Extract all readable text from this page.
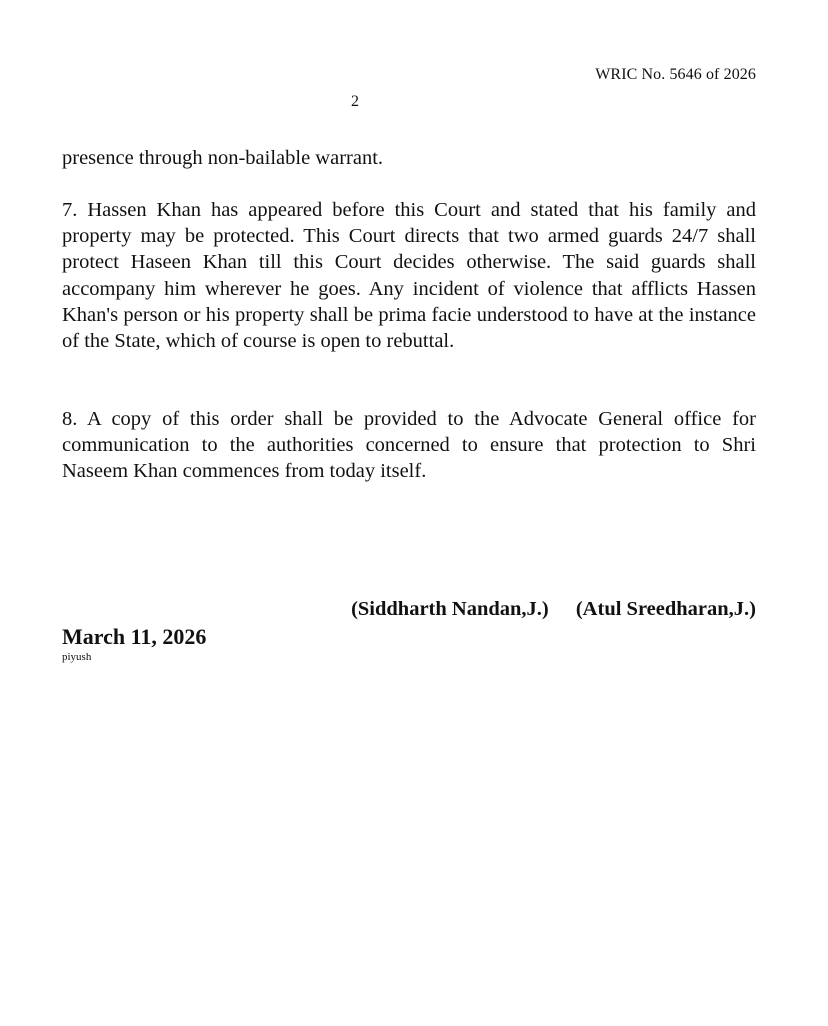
WRIC No. 5646 of 2026
2

presence through non-bailable warrant.

7. Hassen Khan has appeared before this Court and stated that his family and property may be protected. This Court directs that two armed guards 24/7 shall protect Haseen Khan till this Court decides otherwise. The said guards shall accompany him wherever he goes. Any incident of violence that afflicts Hassen Khan's person or his property shall be prima facie understood to have at the instance of the State, which of course is open to rebuttal.

8. A copy of this order shall be provided to the Advocate General office for communication to the authorities concerned to ensure that protection to Shri Naseem Khan commences from today itself.

(Siddharth Nandan,J.) (Atul Sreedharan,J.)
March 11, 2026
piyush
